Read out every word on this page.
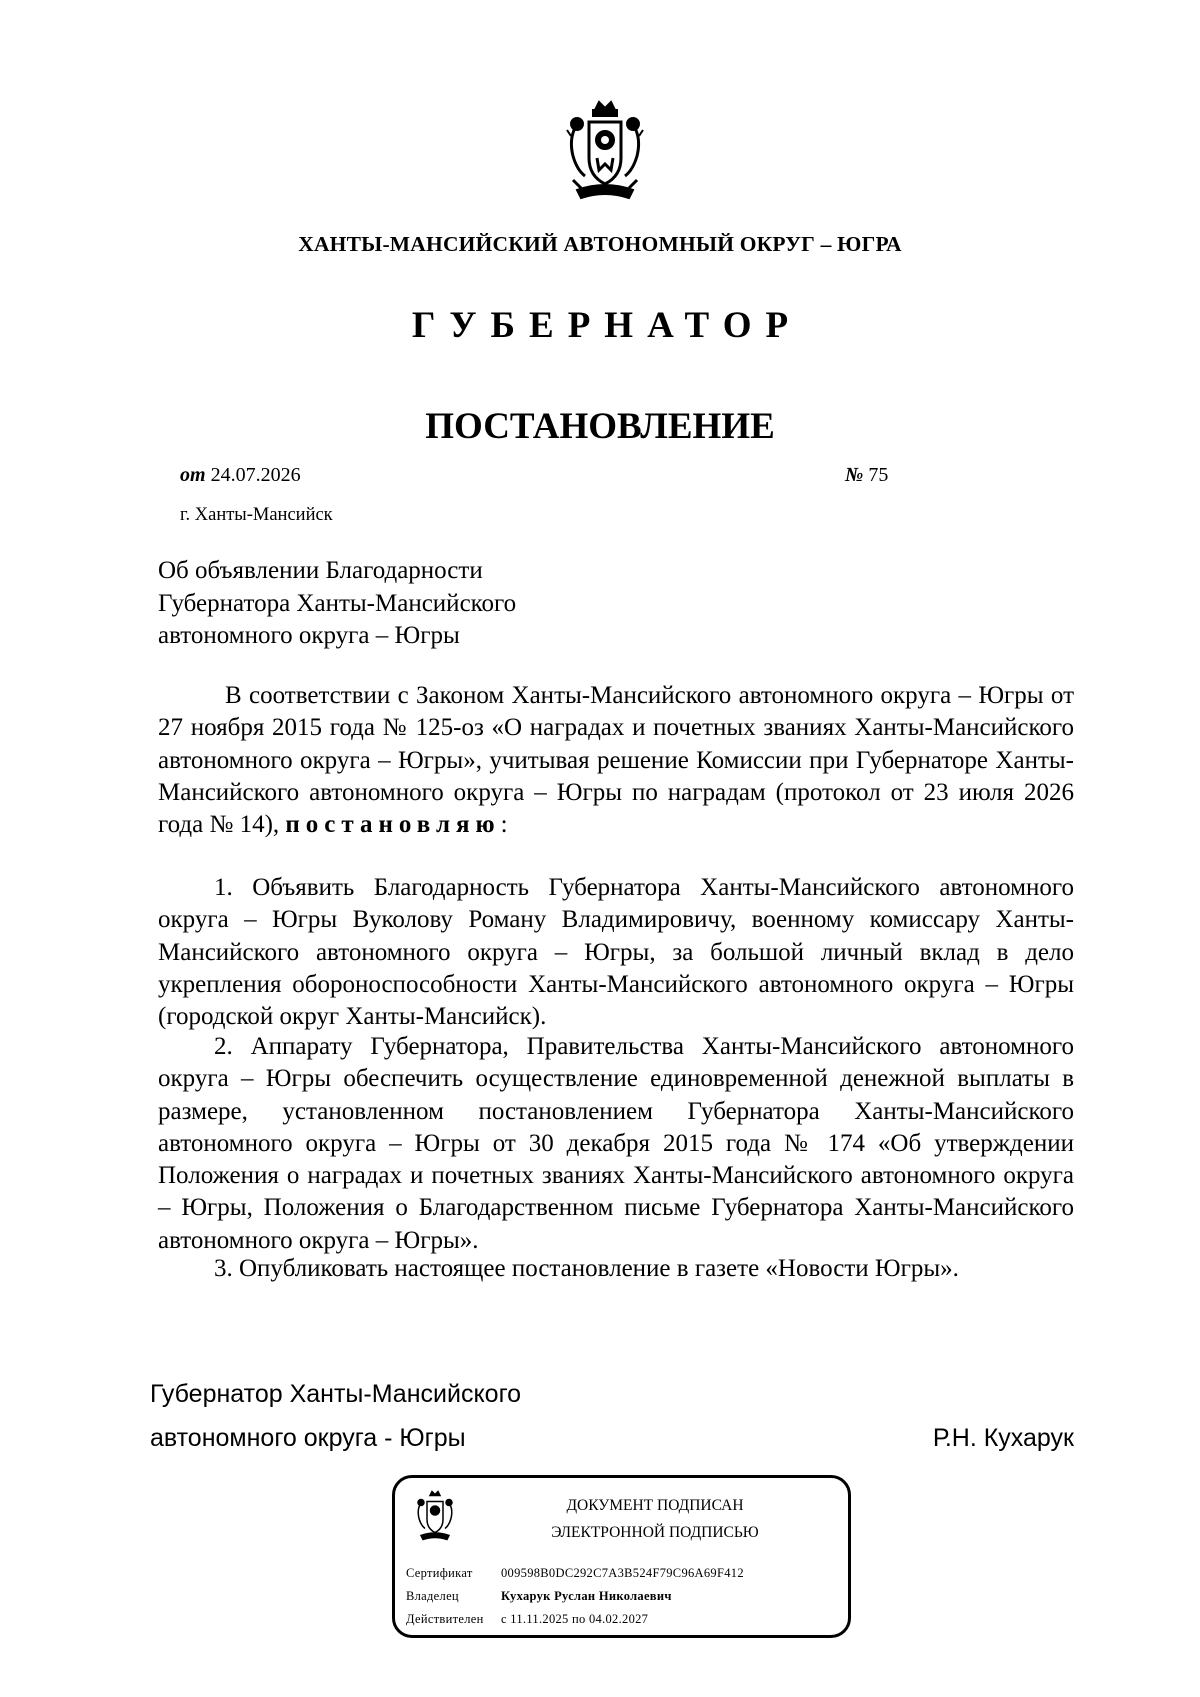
ХАНТЫ-МАНСИЙСКИЙ АВТОНОМНЫЙ ОКРУГ – ЮГРА
ГУБЕРНАТОР
ПОСТАНОВЛЕНИЕ
от 24.07.2026	№ 75
г. Ханты-Мансийск
Об объявлении Благодарности
Губернатора Ханты-Мансийского
автономного округа – Югры
В соответствии с Законом Ханты-Мансийского автономного округа – Югры от 27 ноября 2015 года № 125-оз «О наградах и почетных званиях Ханты-Мансийского автономного округа – Югры», учитывая решение Комиссии при Губернаторе Ханты-Мансийского автономного округа – Югры по наградам (протокол от 23 июля 2026 года № 14), постановляю:
1. Объявить Благодарность Губернатора Ханты-Мансийского автономного округа – Югры Вуколову Роману Владимировичу, военному комиссару Ханты-Мансийского автономного округа – Югры, за большой личный вклад в дело укрепления обороноспособности Ханты-Мансийского автономного округа – Югры (городской округ Ханты-Мансийск).
2. Аппарату Губернатора, Правительства Ханты-Мансийского автономного округа – Югры обеспечить осуществление единовременной денежной выплаты в размере, установленном постановлением Губернатора Ханты-Мансийского автономного округа – Югры от 30 декабря 2015 года № 174 «Об утверждении Положения о наградах и почетных званиях Ханты-Мансийского автономного округа – Югры, Положения о Благодарственном письме Губернатора Ханты-Мансийского автономного округа – Югры».
3. Опубликовать настоящее постановление в газете «Новости Югры».
Губернатор Ханты-Мансийского
автономного округа - Югры	Р.Н. Кухарук
ДОКУМЕНТ ПОДПИСАН
ЭЛЕКТРОННОЙ ПОДПИСЬЮ
Сертификат 009598B0DC292C7A3B524F79C96A69F412
Владелец	Кухарук Руслан Николаевич
Действителен с 11.11.2025 по 04.02.2027
